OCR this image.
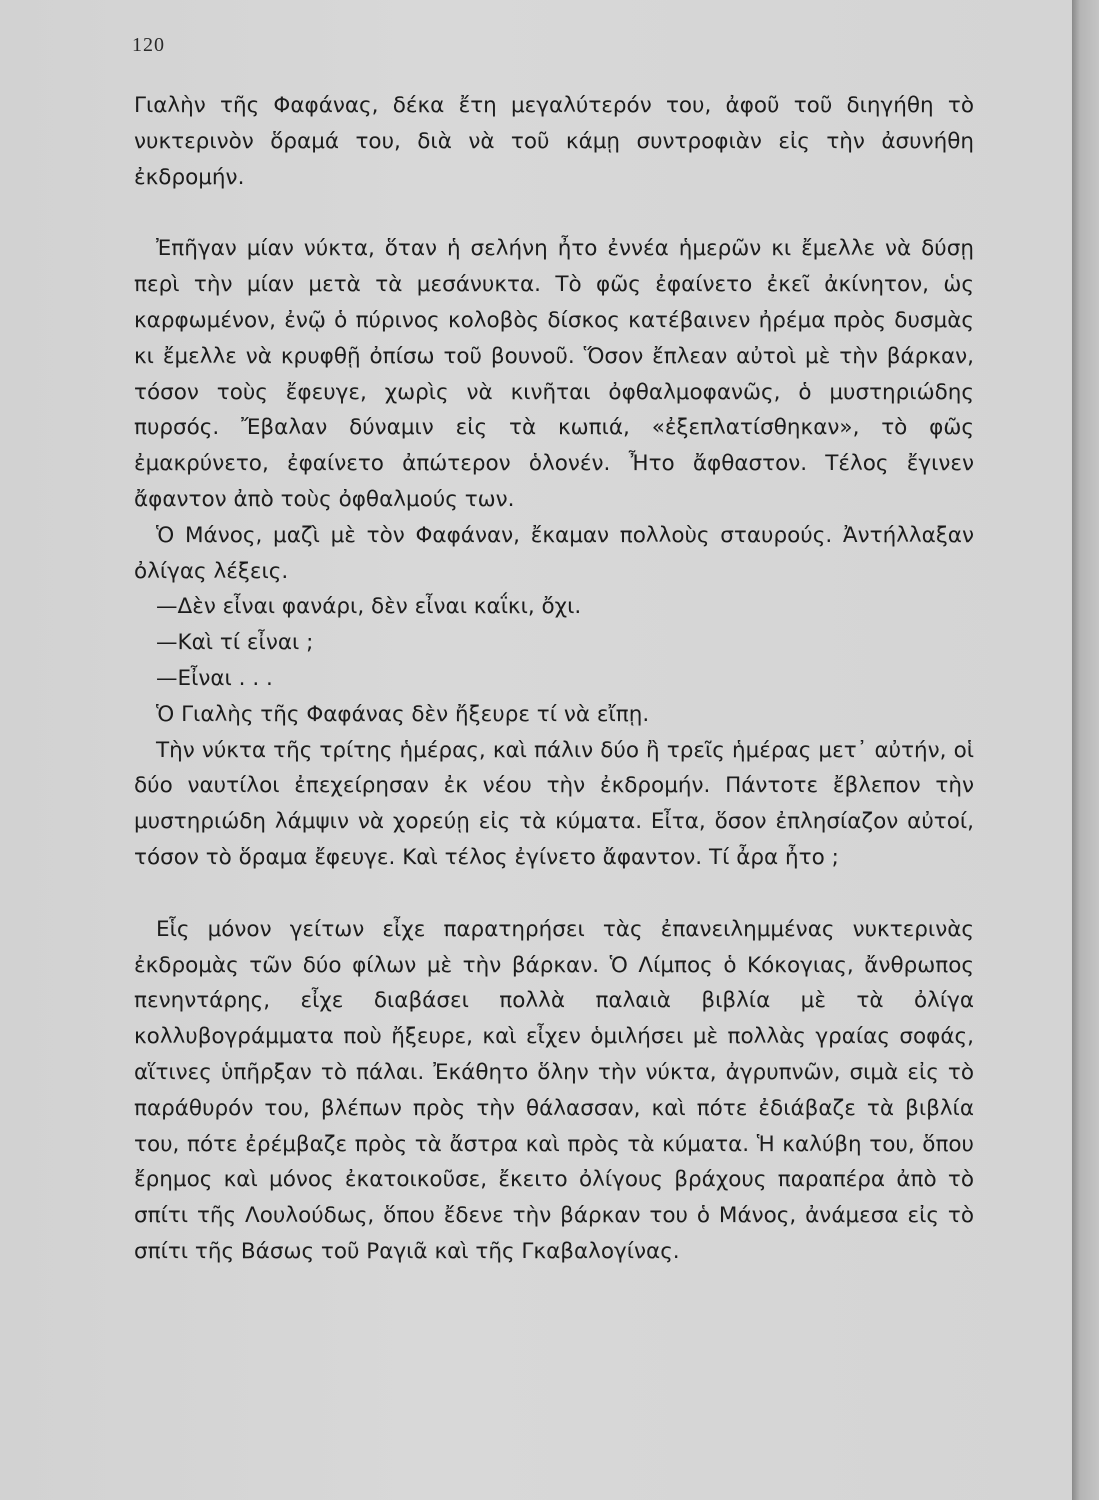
120

Γιαλὴν τῆς Φαφάνας, δέκα ἔτη μεγαλύτερόν του, ἀφοῦ τοῦ διηγήθη τὸ νυκτερινὸν ὅραμά του, διὰ νὰ τοῦ κάμῃ συντροφιὰν εἰς τὴν ἀσυνήθη ἐκδρομήν.

Ἐπῆγαν μίαν νύκτα, ὅταν ἡ σελήνη ἦτο ἐννέα ἡμερῶν κι ἔμελλε νὰ δύσῃ περὶ τὴν μίαν μετὰ τὰ μεσάνυκτα. Τὸ φῶς ἐφαίνετο ἐκεῖ ἀκίνητον, ὡς καρφωμένον, ἐνῷ ὁ πύρινος κολοβὸς δίσκος κατέβαινεν ἠρέμα πρὸς δυσμὰς κι ἔμελλε νὰ κρυφθῇ ὀπίσω τοῦ βουνοῦ. Ὅσον ἔπλεαν αὐτοὶ μὲ τὴν βάρκαν, τόσον τοὺς ἔφευγε, χωρὶς νὰ κινῆται ὀφθαλμοφανῶς, ὁ μυστηριώδης πυρσός. Ἔβαλαν δύναμιν εἰς τὰ κωπιά, «ἐξεπλατίσθηκαν», τὸ φῶς ἐμακρύνετο, ἐφαίνετο ἀπώτερον ὁλονέν. Ἦτο ἄφθαστον. Τέλος ἔγινεν ἄφαντον ἀπὸ τοὺς ὀφθαλμούς των.

Ὁ Μάνος, μαζὶ μὲ τὸν Φαφάναν, ἔκαμαν πολλοὺς σταυρούς. Ἀντήλλαξαν ὀλίγας λέξεις.

—Δὲν εἶναι φανάρι, δὲν εἶναι καΐκι, ὄχι.

—Καὶ τί εἶναι ;

—Εἶναι . . .

Ὁ Γιαλὴς τῆς Φαφάνας δὲν ἤξευρε τί νὰ εἴπῃ.

Τὴν νύκτα τῆς τρίτης ἡμέρας, καὶ πάλιν δύο ἢ τρεῖς ἡμέρας μετ᾽ αὐτήν, οἱ δύο ναυτίλοι ἐπεχείρησαν ἐκ νέου τὴν ἐκδρομήν. Πάντοτε ἔβλεπον τὴν μυστηριώδη λάμψιν νὰ χορεύῃ εἰς τὰ κύματα. Εἶτα, ὅσον ἐπλησίαζον αὐτοί, τόσον τὸ ὅραμα ἔφευγε. Καὶ τέλος ἐγίνετο ἄφαντον. Τί ἆρα ἦτο ;

Εἷς μόνον γείτων εἶχε παρατηρήσει τὰς ἐπανειλημμένας νυκτερινὰς ἐκδρομὰς τῶν δύο φίλων μὲ τὴν βάρκαν. Ὁ Λίμπος ὁ Κόκογιας, ἄνθρωπος πενηντάρης, εἶχε διαβάσει πολλὰ παλαιὰ βιβλία μὲ τὰ ὀλίγα κολλυβογράμματα ποὺ ἤξευρε, καὶ εἶχεν ὁμιλήσει μὲ πολλὰς γραίας σοφάς, αἵτινες ὑπῆρξαν τὸ πάλαι. Ἐκάθητο ὅλην τὴν νύκτα, ἀγρυπνῶν, σιμὰ εἰς τὸ παράθυρόν του, βλέπων πρὸς τὴν θάλασσαν, καὶ πότε ἐδιάβαζε τὰ βιβλία του, πότε ἐρέμβαζε πρὸς τὰ ἄστρα καὶ πρὸς τὰ κύματα. Ἡ καλύβη του, ὅπου ἔρημος καὶ μόνος ἐκατοικοῦσε, ἔκειτο ὀλίγους βράχους παραπέρα ἀπὸ τὸ σπίτι τῆς Λουλούδως, ὅπου ἔδενε τὴν βάρκαν του ὁ Μάνος, ἀνάμεσα εἰς τὸ σπίτι τῆς Βάσως τοῦ Ραγιᾶ καὶ τῆς Γκαβαλογίνας.
